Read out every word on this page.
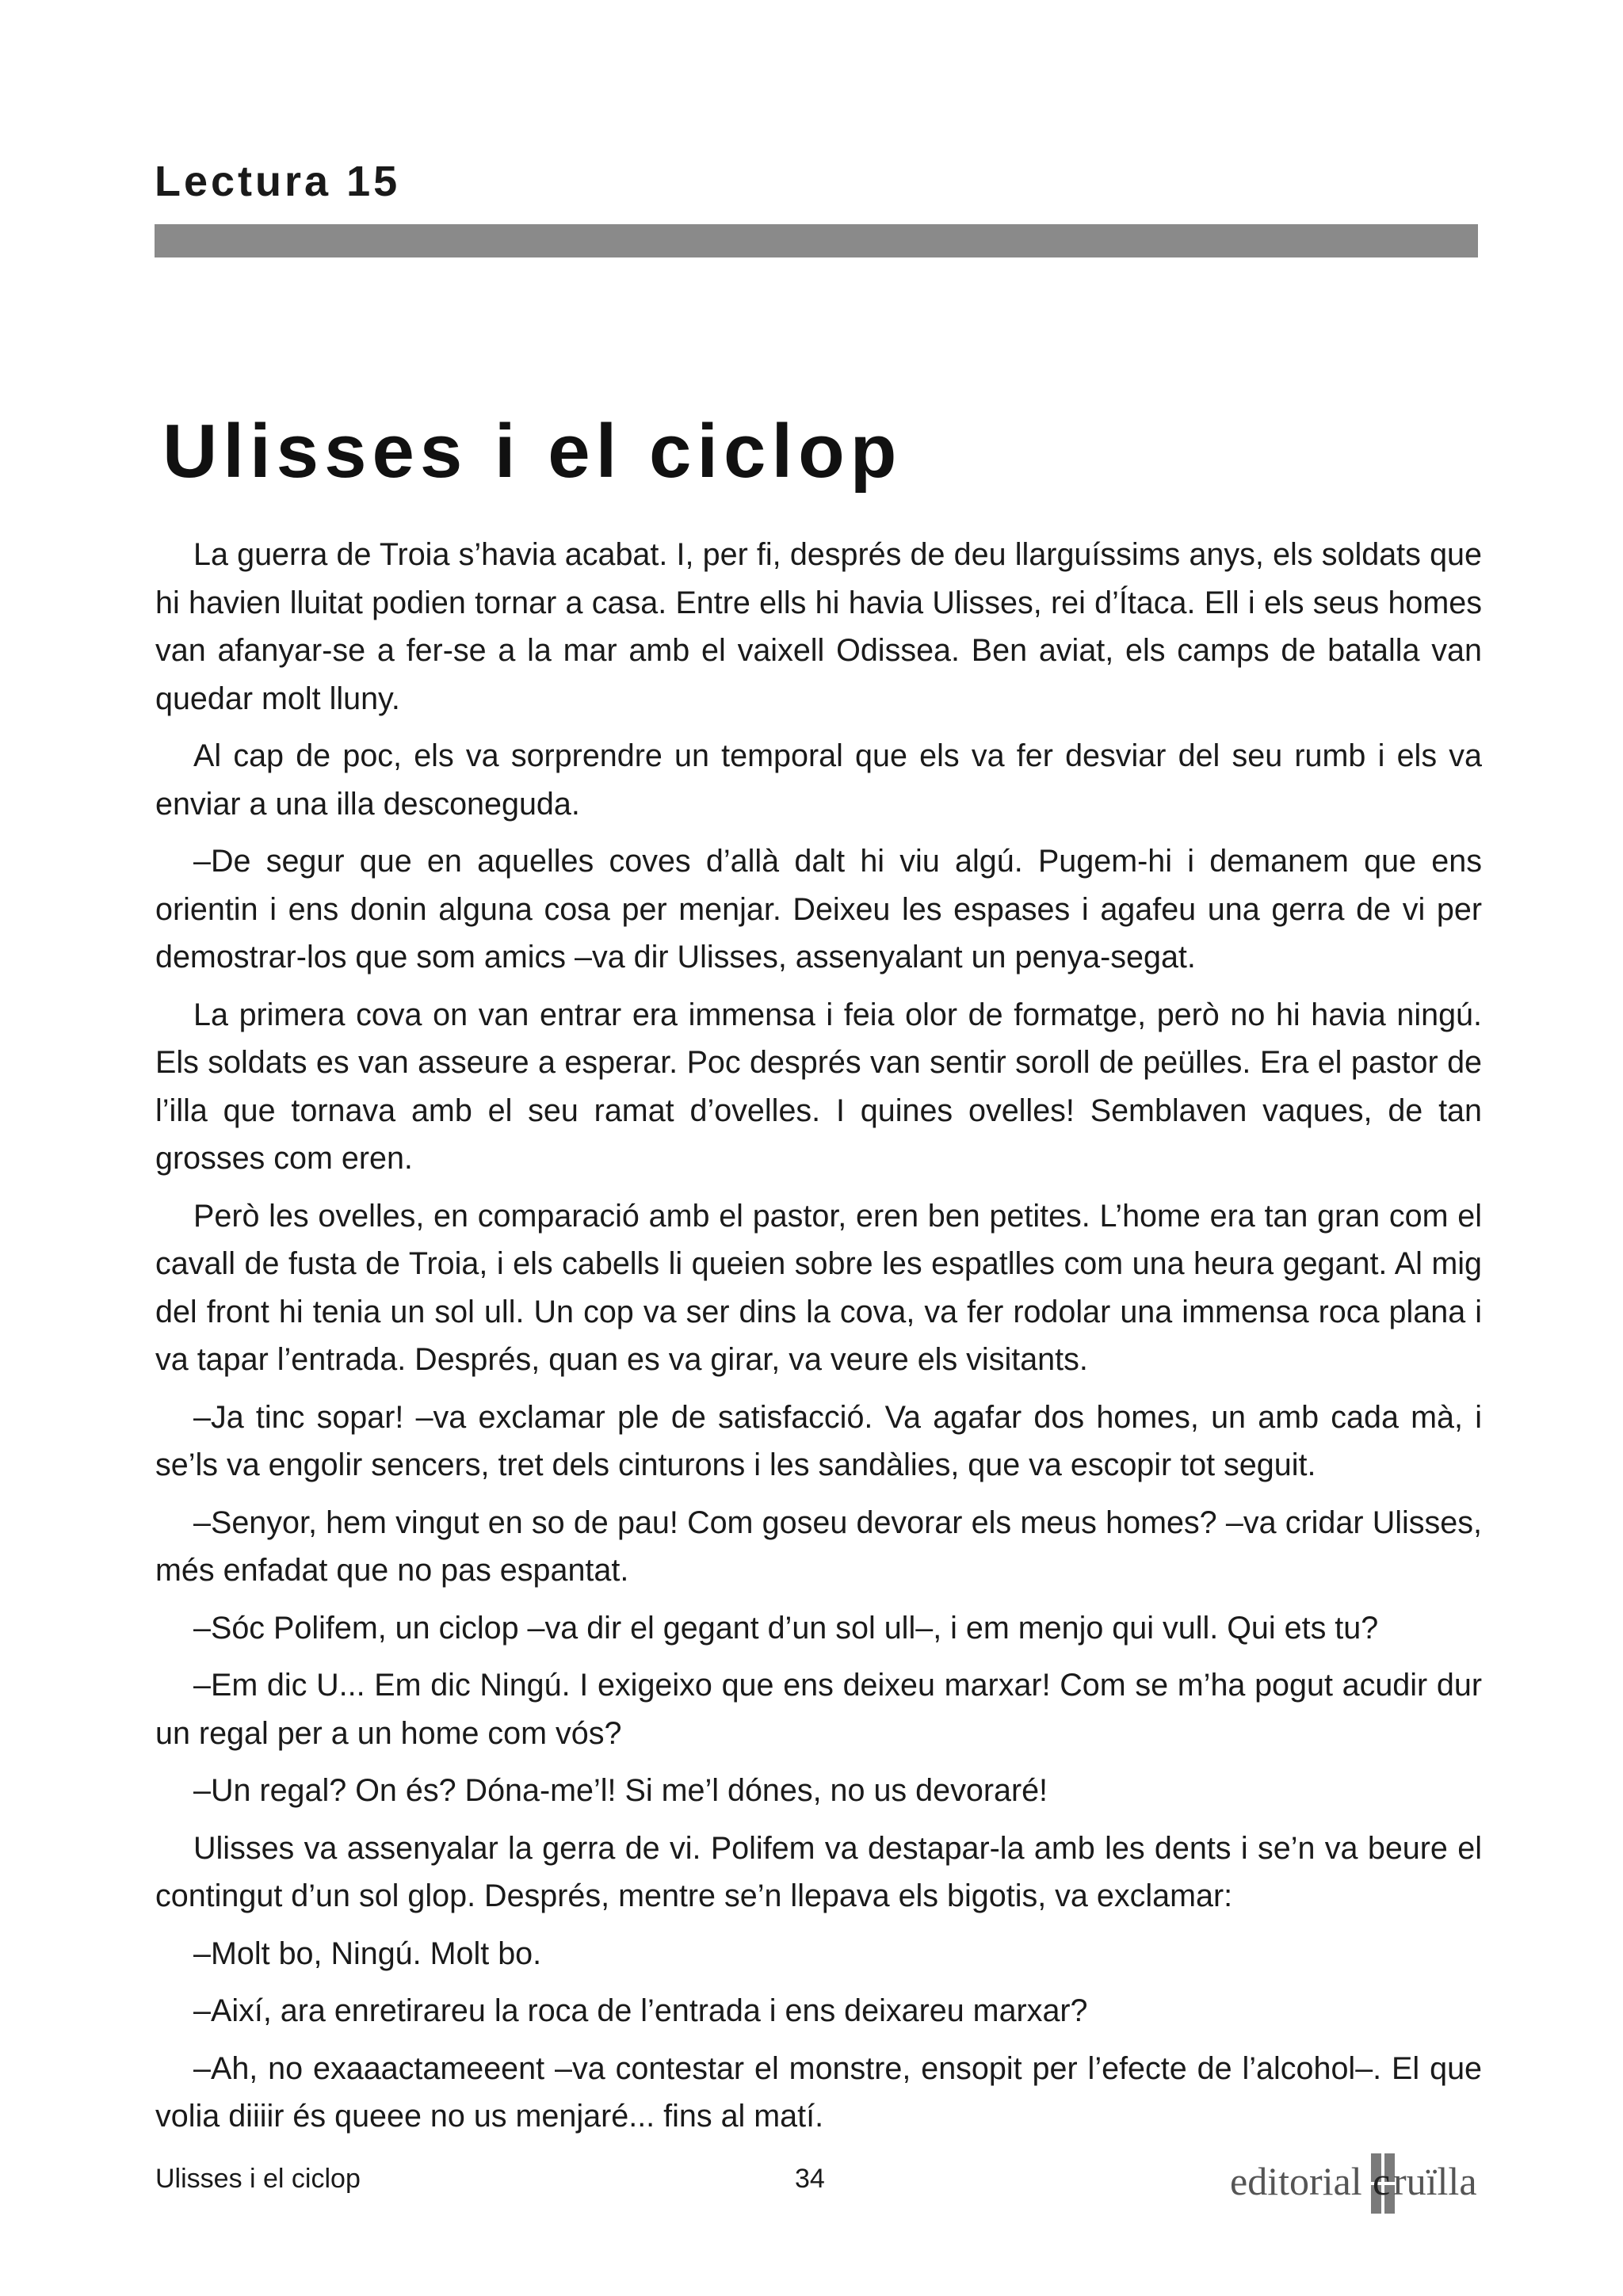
Lectura 15
Ulisses i el ciclop

La guerra de Troia s’havia acabat. I, per fi, després de deu llarguíssims anys, els soldats que hi havien lluitat podien tornar a casa. Entre ells hi havia Ulisses, rei d’Ítaca. Ell i els seus homes van afanyar-se a fer-se a la mar amb el vaixell Odissea. Ben aviat, els camps de batalla van quedar molt lluny.

Al cap de poc, els va sorprendre un temporal que els va fer desviar del seu rumb i els va enviar a una illa desconeguda.

–De segur que en aquelles coves d’allà dalt hi viu algú. Pugem-hi i demanem que ens orientin i ens donin alguna cosa per menjar. Deixeu les espases i agafeu una gerra de vi per demostrar-los que som amics –va dir Ulisses, assenyalant un penya-segat.

La primera cova on van entrar era immensa i feia olor de formatge, però no hi havia ningú. Els soldats es van asseure a esperar. Poc després van sentir soroll de peülles. Era el pastor de l’illa que tornava amb el seu ramat d’ovelles. I quines ovelles! Semblaven vaques, de tan grosses com eren.

Però les ovelles, en comparació amb el pastor, eren ben petites. L’home era tan gran com el cavall de fusta de Troia, i els cabells li queien sobre les espatlles com una heura gegant. Al mig del front hi tenia un sol ull. Un cop va ser dins la cova, va fer rodolar una immensa roca plana i va tapar l’entrada. Després, quan es va girar, va veure els visitants.

–Ja tinc sopar! –va exclamar ple de satisfacció. Va agafar dos homes, un amb cada mà, i se’ls va engolir sencers, tret dels cinturons i les sandàlies, que va escopir tot seguit.

–Senyor, hem vingut en so de pau! Com goseu devorar els meus homes? –va cridar Ulisses, més enfadat que no pas espantat.

–Sóc Polifem, un ciclop –va dir el gegant d’un sol ull–, i em menjo qui vull. Qui ets tu?

–Em dic U... Em dic Ningú. I exigeixo que ens deixeu marxar! Com se m’ha pogut acudir dur un regal per a un home com vós?

–Un regal? On és? Dóna-me’l! Si me’l dónes, no us devoraré!

Ulisses va assenyalar la gerra de vi. Polifem va destapar-la amb les dents i se’n va beure el contingut d’un sol glop. Després, mentre se’n llepava els bigotis, va exclamar:

–Molt bo, Ningú. Molt bo.

–Així, ara enretirareu la roca de l’entrada i ens deixareu marxar?

–Ah, no exaaactameeent –va contestar el monstre, ensopit per l’efecte de l’alcohol–. El que volia diiiir és queee no us menjaré... fins al matí.

Ulisses i el ciclop	34	editorial c ruïlla
